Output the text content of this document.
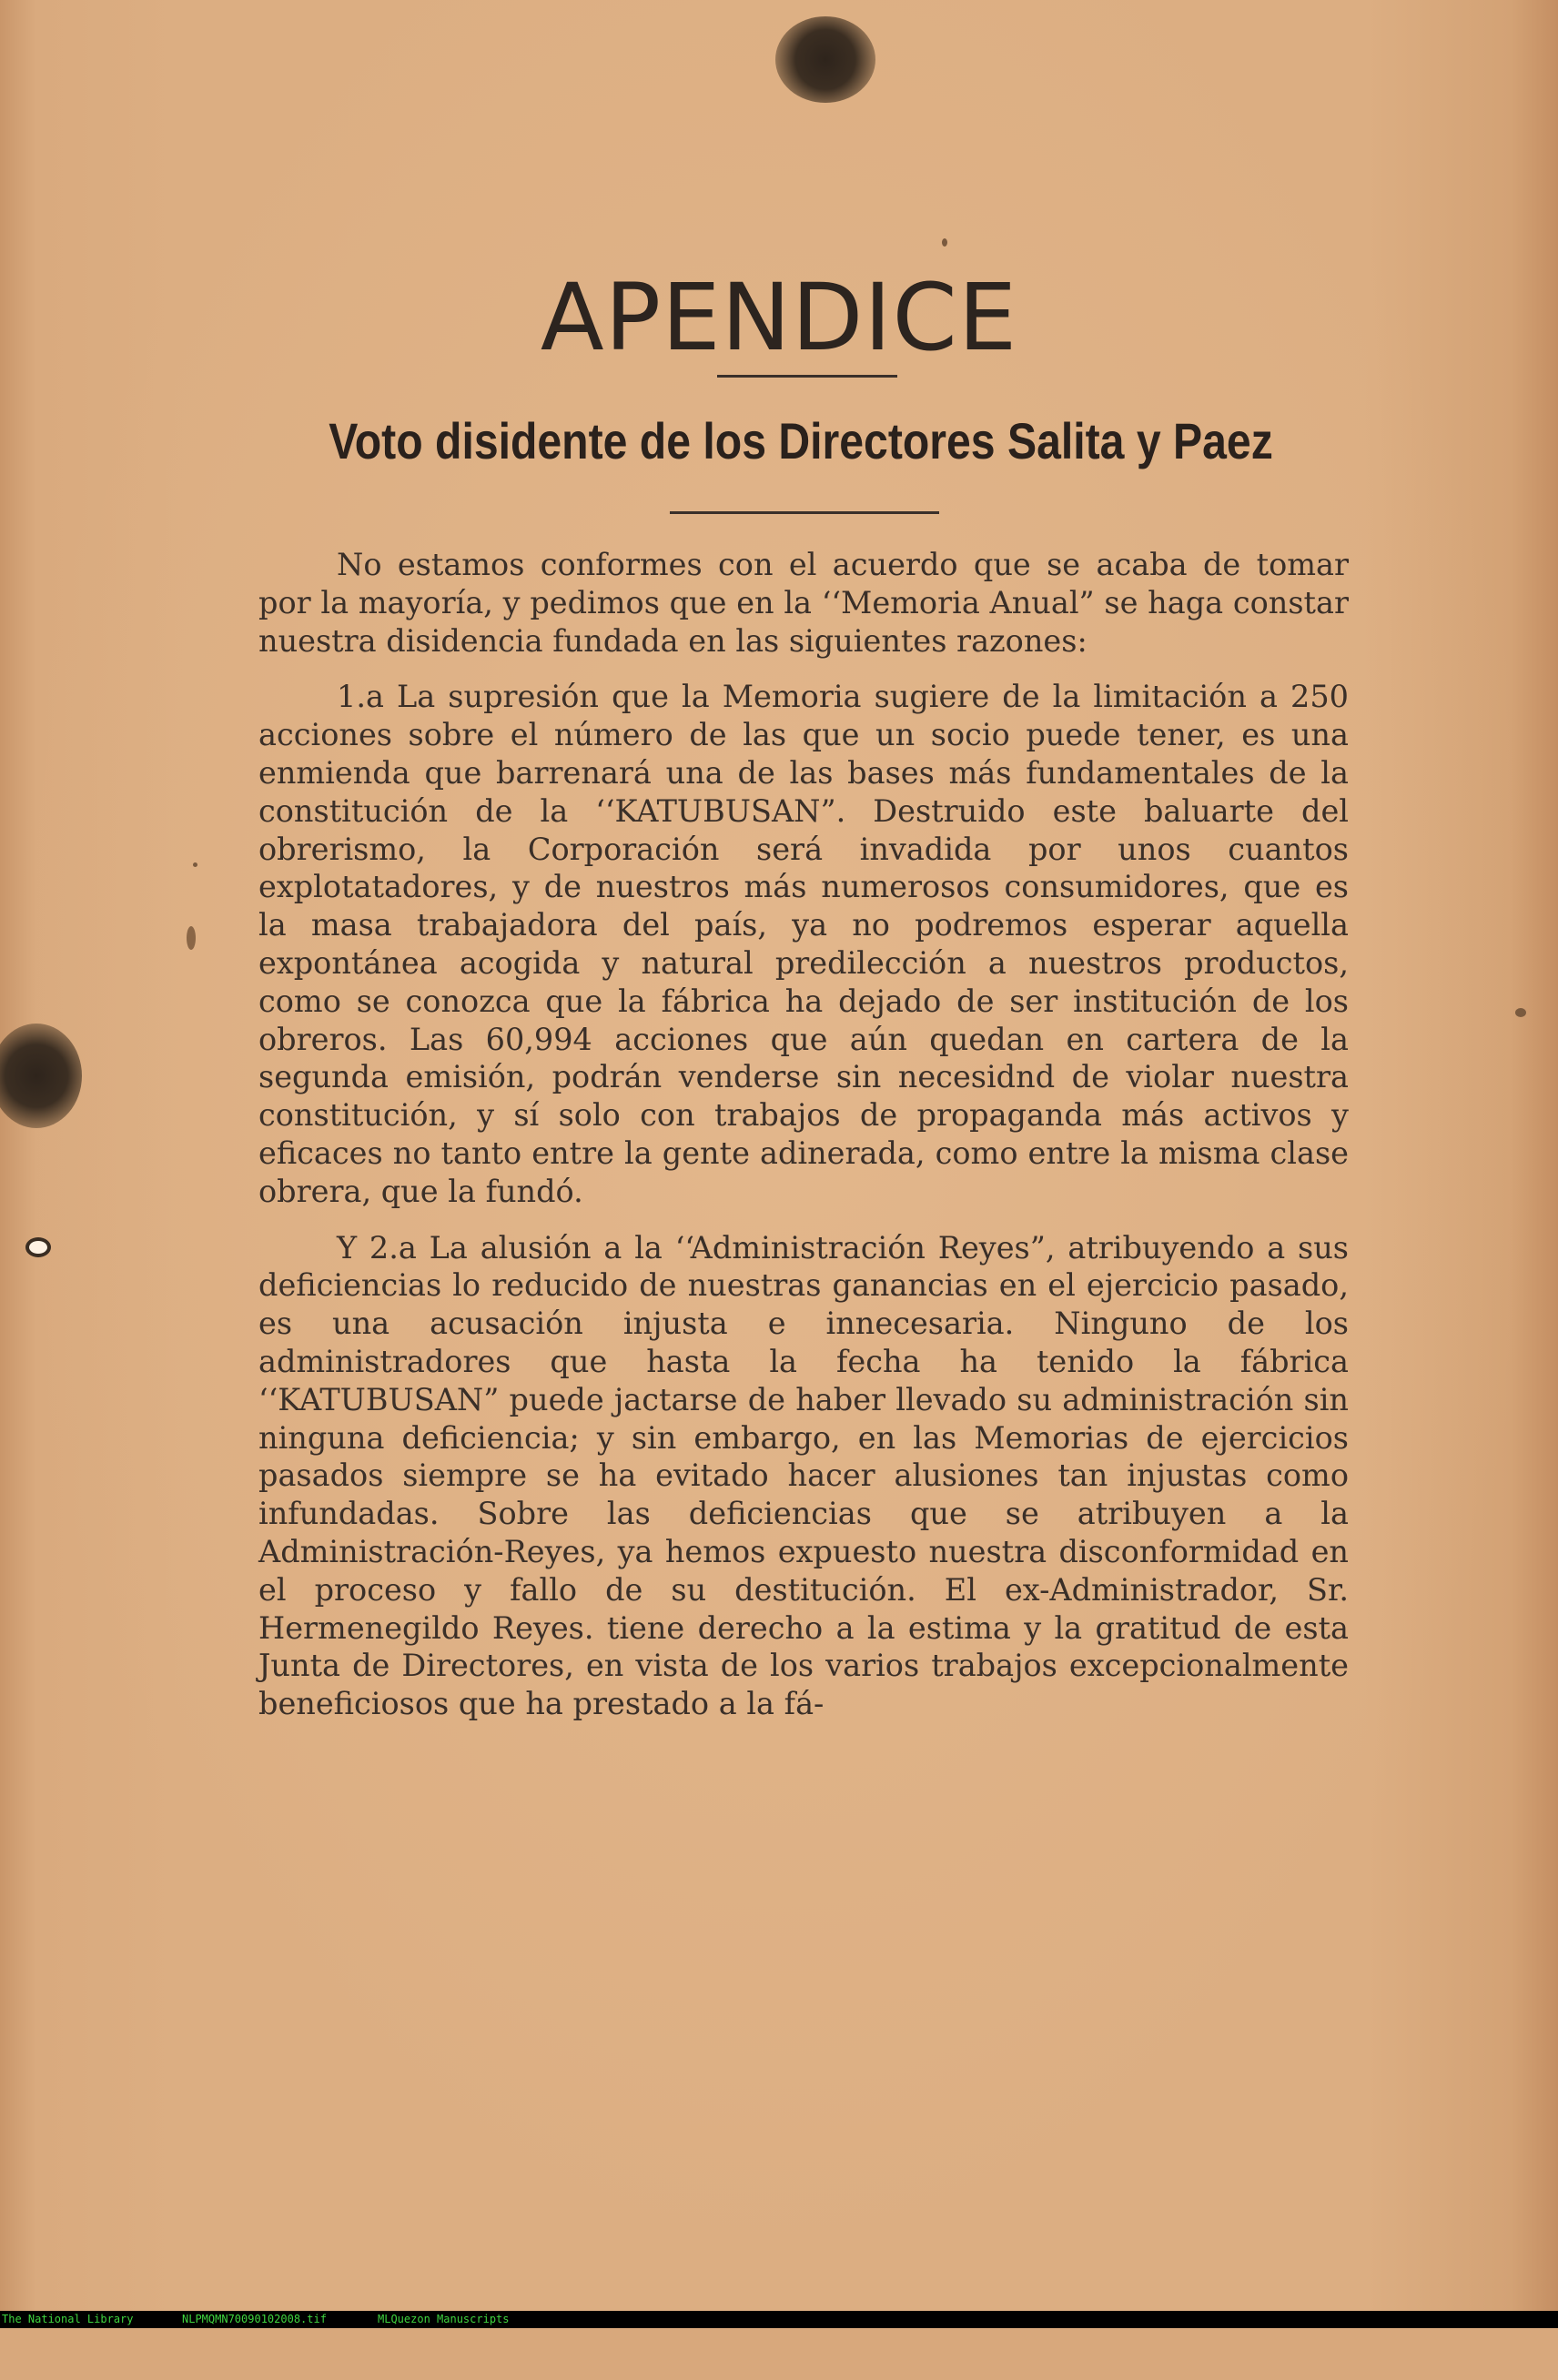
APENDICE
Voto disidente de los Directores Salita y Paez

No estamos conformes con el acuerdo que se acaba de tomar por la mayoría, y pedimos que en la ‘‘Memoria Anual” se haga constar nuestra disidencia fundada en las siguientes razones:

1.a La supresión que la Memoria sugiere de la limitación a 250 acciones sobre el número de las que un socio puede tener, es una enmienda que barrenará una de las bases más fundamentales de la constitución de la ‘‘KATUBUSAN”. Destruido este baluarte del obrerismo, la Corporación será invadida por unos cuantos explotatadores, y de nuestros más numerosos consumidores, que es la masa trabajadora del país, ya no podremos esperar aquella expontánea acogida y natural predilección a nuestros productos, como se conozca que la fábrica ha dejado de ser institución de los obreros. Las 60,994 acciones que aún quedan en cartera de la segunda emisión, podrán venderse sin necesidnd de violar nuestra constitución, y sí solo con trabajos de propaganda más activos y eficaces no tanto entre la gente adinerada, como entre la misma clase obrera, que la fundó.

Y 2.a La alusión a la ‘‘Administración Reyes”, atribuyendo a sus deficiencias lo reducido de nuestras ganancias en el ejercicio pasado, es una acusación injusta e innecesaria. Ninguno de los administradores que hasta la fecha ha tenido la fábrica ‘‘KATUBUSAN” puede jactarse de haber llevado su administración sin ninguna deficiencia; y sin embargo, en las Memorias de ejercicios pasados siempre se ha evitado hacer alusiones tan injustas como infundadas. Sobre las deficiencias que se atribuyen a la Administración-Reyes, ya hemos expuesto nuestra disconformidad en el proceso y fallo de su destitución. El ex-Administrador, Sr. Hermenegildo Reyes. tiene derecho a la estima y la gratitud de esta Junta de Directores, en vista de los varios trabajos excepcionalmente beneficiosos que ha prestado a la fá-

The National Library

	NLPMQMN70090102008.tif

	MLQuezon Manuscripts
